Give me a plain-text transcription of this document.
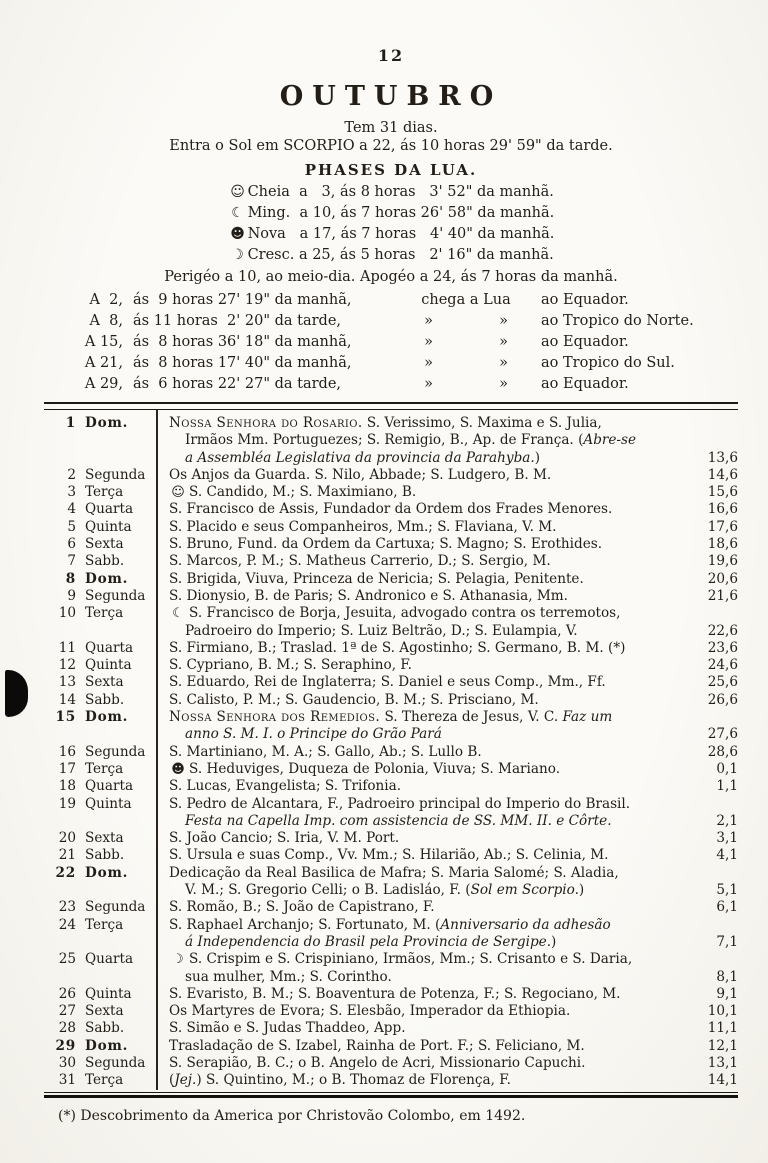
12
OUTUBRO
Tem 31 dias.
Entra o Sol em SCORPIO a 22, ás 10 horas 29' 59" da tarde.
PHASES DA LUA.
☺ Cheia  a   3, ás 8 horas   3' 52" da manhã.
☾ Ming.  a 10, ás 7 horas 26' 58" da manhã.
☻ Nova   a 17, ás 7 horas   4' 40" da manhã.
☽ Cresc. a 25, ás 5 horas   2' 16" da manhã.
Perigéo a 10, ao meio-dia. Apogéo a 24, ás 7 horas da manhã.
A  2, ás  9 horas 27' 19" da manhã,	chega a Lua ao Equador.
A  8, ás 11 horas  2' 20" da tarde,	»	» ao Tropico do Norte.
A 15, ás  8 horas 36' 18" da manhã,	»	» ao Equador.
A 21, ás  8 horas 17' 40" da manhã,	»	» ao Tropico do Sul.
A 29, ás  6 horas 22' 27" da tarde,	»	» ao Equador.
1 Dom.	Nossa Senhora do Rosario. S. Verissimo, S. Maxima e S. Julia,
Irmãos Mm. Portuguezes; S. Remigio, B., Ap. de França. (Abre-se
a Assembléa Legislativa da provincia da Parahyba.)	13,6
2 Segunda	Os Anjos da Guarda. S. Nilo, Abbade; S. Ludgero, B. M.	14,6
3 Terça	☺ S. Candido, M.; S. Maximiano, B.	15,6
4 Quarta	S. Francisco de Assis, Fundador da Ordem dos Frades Menores.	16,6
5 Quinta	S. Placido e seus Companheiros, Mm.; S. Flaviana, V. M.	17,6
6 Sexta	S. Bruno, Fund. da Ordem da Cartuxa; S. Magno; S. Erothides.	18,6
7 Sabb.	S. Marcos, P. M.; S. Matheus Carrerio, D.; S. Sergio, M.	19,6
8 Dom.	S. Brigida, Viuva, Princeza de Nericia; S. Pelagia, Penitente.	20,6
9 Segunda	S. Dionysio, B. de Paris; S. Andronico e S. Athanasia, Mm.	21,6
10 Terça	☾ S. Francisco de Borja, Jesuita, advogado contra os terremotos,
Padroeiro do Imperio; S. Luiz Beltrão, D.; S. Eulampia, V.	22,6
11 Quarta	S. Firmiano, B.; Traslad. 1ª de S. Agostinho; S. Germano, B. M. (*)	23,6
12 Quinta	S. Cypriano, B. M.; S. Seraphino, F.	24,6
13 Sexta	S. Eduardo, Rei de Inglaterra; S. Daniel e seus Comp., Mm., Ff.	25,6
14 Sabb.	S. Calisto, P. M.; S. Gaudencio, B. M.; S. Prisciano, M.	26,6
15 Dom.	Nossa Senhora dos Remedios. S. Thereza de Jesus, V. C. Faz um
anno S. M. I. o Principe do Grão Pará	27,6
16 Segunda	S. Martiniano, M. A.; S. Gallo, Ab.; S. Lullo B.	28,6
17 Terça	☻ S. Heduviges, Duqueza de Polonia, Viuva; S. Mariano.	0,1
18 Quarta	S. Lucas, Evangelista; S. Trifonia.	1,1
19 Quinta	S. Pedro de Alcantara, F., Padroeiro principal do Imperio do Brasil.
Festa na Capella Imp. com assistencia de SS. MM. II. e Côrte.	2,1
20 Sexta	S. João Cancio; S. Iria, V. M. Port.	3,1
21 Sabb.	S. Ursula e suas Comp., Vv. Mm.; S. Hilarião, Ab.; S. Celinia, M.	4,1
22 Dom.	Dedicação da Real Basilica de Mafra; S. Maria Salomé; S. Aladia,
V. M.; S. Gregorio Celli; o B. Ladisláo, F. (Sol em Scorpio.)	5,1
23 Segunda	S. Romão, B.; S. João de Capistrano, F.	6,1
24 Terça	S. Raphael Archanjo; S. Fortunato, M. (Anniversario da adhesão
á Independencia do Brasil pela Provincia de Sergipe.)	7,1
25 Quarta	☽ S. Crispim e S. Crispiniano, Irmãos, Mm.; S. Crisanto e S. Daria,
sua mulher, Mm.; S. Corintho.	8,1
26 Quinta	S. Evaristo, B. M.; S. Boaventura de Potenza, F.; S. Regociano, M.	9,1
27 Sexta	Os Martyres de Evora; S. Elesbão, Imperador da Ethiopia.	10,1
28 Sabb.	S. Simão e S. Judas Thaddeo, App.	11,1
29 Dom.	Trasladação de S. Izabel, Rainha de Port. F.; S. Feliciano, M.	12,1
30 Segunda	S. Serapião, B. C.; o B. Angelo de Acri, Missionario Capuchi.	13,1
31 Terça	(Jej.) S. Quintino, M.; o B. Thomaz de Florença, F.	14,1
(*) Descobrimento da America por Christovão Colombo, em 1492.
